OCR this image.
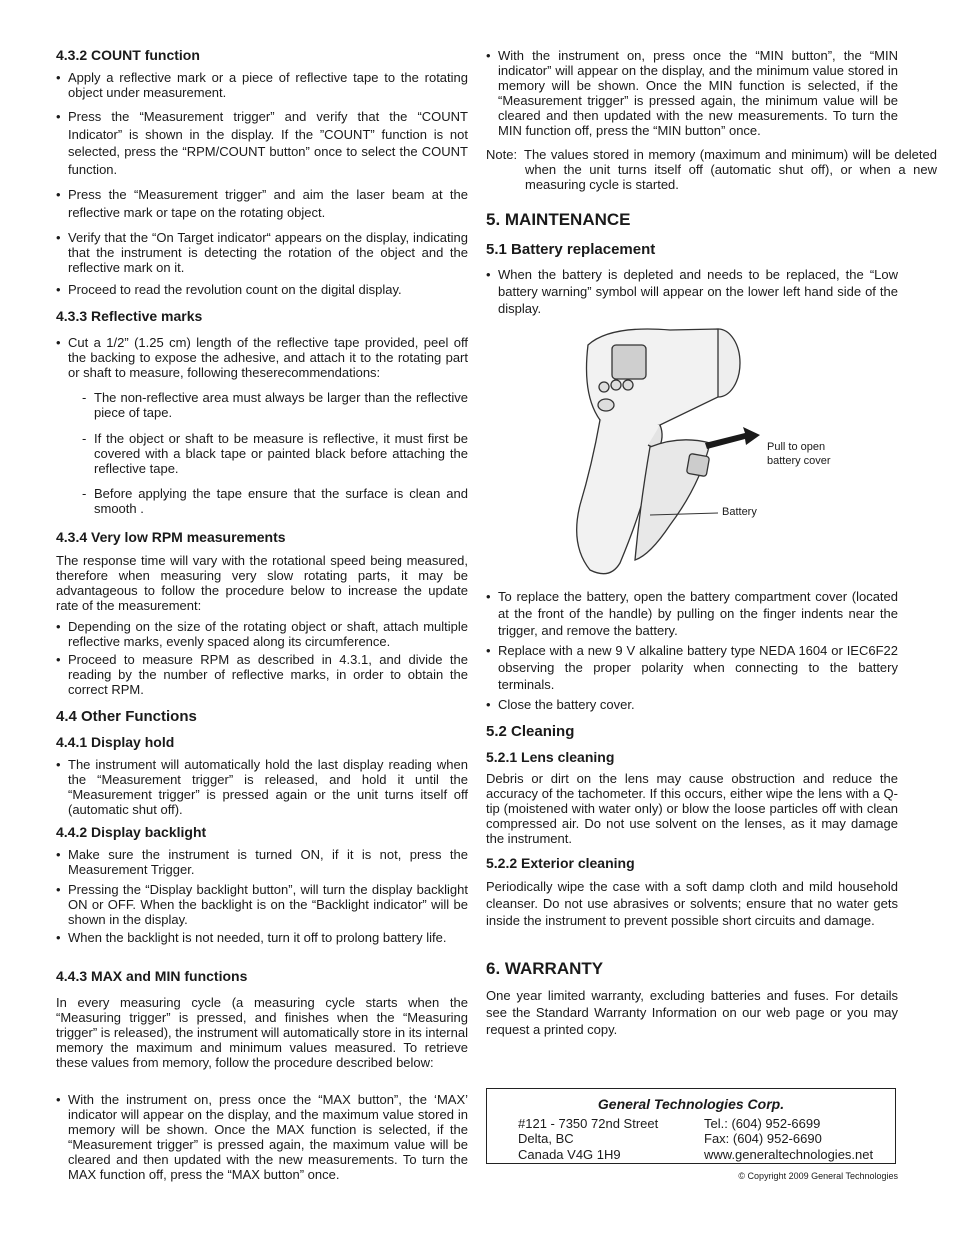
4.3.2 COUNT function

• Apply a reflective mark or a piece of reflective tape to the rotating object under measurement.

• Press the “Measurement trigger” and verify that the “COUNT Indicator” is shown in the display. If the ”COUNT” function is not selected, press the “RPM/COUNT button” once to select the COUNT function.

• Press the “Measurement trigger” and aim the laser beam at the reflective mark or tape on the rotating object.

• Verify that the “On Target indicator“ appears on the display, indicating that the instrument is detecting the rotation of the object and the reflective mark on it.

• Proceed to read the revolution count on the digital display.

4.3.3 Reflective marks

• Cut a 1/2” (1.25 cm) length of the reflective tape provided, peel off the backing to expose the adhesive, and attach it to the rotating part or shaft to measure, following theserecommendations:

- The non-reflective area must always be larger than the reflective piece of tape.

- If the object or shaft to be measure is reflective, it must first be covered with a black tape or painted black before attaching the reflective tape.

- Before applying the tape ensure that the surface is clean and smooth .

4.3.4 Very low RPM measurements

The response time will vary with the rotational speed being measured, therefore when measuring very slow rotating parts, it may be advantageous to follow the procedure below to increase the update rate of the measurement:

• Depending on the size of the rotating object or shaft, attach multiple reflective marks, evenly spaced along its circumference.

• Proceed to measure RPM as described in 4.3.1, and divide the reading by the number of reflective marks, in order to obtain the correct RPM.

4.4 Other Functions
4.4.1 Display hold

• The instrument will automatically hold the last display reading when the “Measurement trigger” is released, and hold it until the “Measurement trigger” is pressed again or the unit turns itself off (automatic shut off).

4.4.2 Display backlight

• Make sure the instrument is turned ON, if it is not, press the Measurement Trigger.

• Pressing the “Display backlight button”, will turn the display backlight ON or OFF. When the backlight is on the “Backlight indicator” will be shown in the display.

• When the backlight is not needed, turn it off to prolong battery life.

4.4.3 MAX and MIN functions

In every measuring cycle (a measuring cycle starts when the “Measuring trigger” is pressed, and finishes when the “Measuring trigger” is released), the instrument will automatically store in its internal memory the maximum and minimum values measured. To retrieve these values from memory, follow the procedure described below:

• With the instrument on, press once the “MAX button”, the ‘MAX’ indicator will appear on the display, and the maximum value stored in memory will be shown. Once the MAX function is selected, if the “Measurement trigger” is pressed again, the maximum value will be cleared and then updated with the new measurements. To turn the MAX function off, press the “MAX button” once.

• With the instrument on, press once the “MIN button”, the “MIN indicator” will appear on the display, and the minimum value stored in memory will be shown. Once the MIN function is selected, if the “Measurement trigger” is pressed again, the minimum value will be cleared and then updated with the new measurements. To turn the MIN function off, press the “MIN button” once.

Note: The values stored in memory (maximum and minimum) will be deleted when the unit turns itself off (automatic shut off), or when a new measuring cycle is started.

5. MAINTENANCE
5.1 Battery replacement

• When the battery is depleted and needs to be replaced, the “Low battery warning” symbol will appear on the lower left hand side of the display.

• To replace the battery, open the battery compartment cover (located at the front of the handle) by pulling on the finger indents near the trigger, and remove the battery.

• Replace with a new 9 V alkaline battery type NEDA 1604 or IEC6F22 observing the proper polarity when connecting to the battery terminals.

• Close the battery cover.

5.2 Cleaning
5.2.1 Lens cleaning

Debris or dirt on the lens may cause obstruction and reduce the accuracy of the tachometer. If this occurs, either wipe the lens with a Q-tip (moistened with water only) or blow the loose particles off with clean compressed air. Do not use solvent on the lenses, as it may damage the instrument.

5.2.2 Exterior cleaning

Periodically wipe the case with a soft damp cloth and mild household cleanser. Do not use abrasives or solvents; ensure that no water gets inside the instrument to prevent possible short circuits and damage.

6. WARRANTY

One year limited warranty, excluding batteries and fuses. For details see the Standard Warranty Information on our web page or you may request a printed copy.

Pull to open battery cover
Battery
General Technologies Corp.
#121 - 7350 72nd Street
Delta, BC
Canada V4G 1H9
Tel.: (604) 952-6699
Fax: (604) 952-6690
www.generaltechnologies.net
© Copyright 2009 General Technologies
